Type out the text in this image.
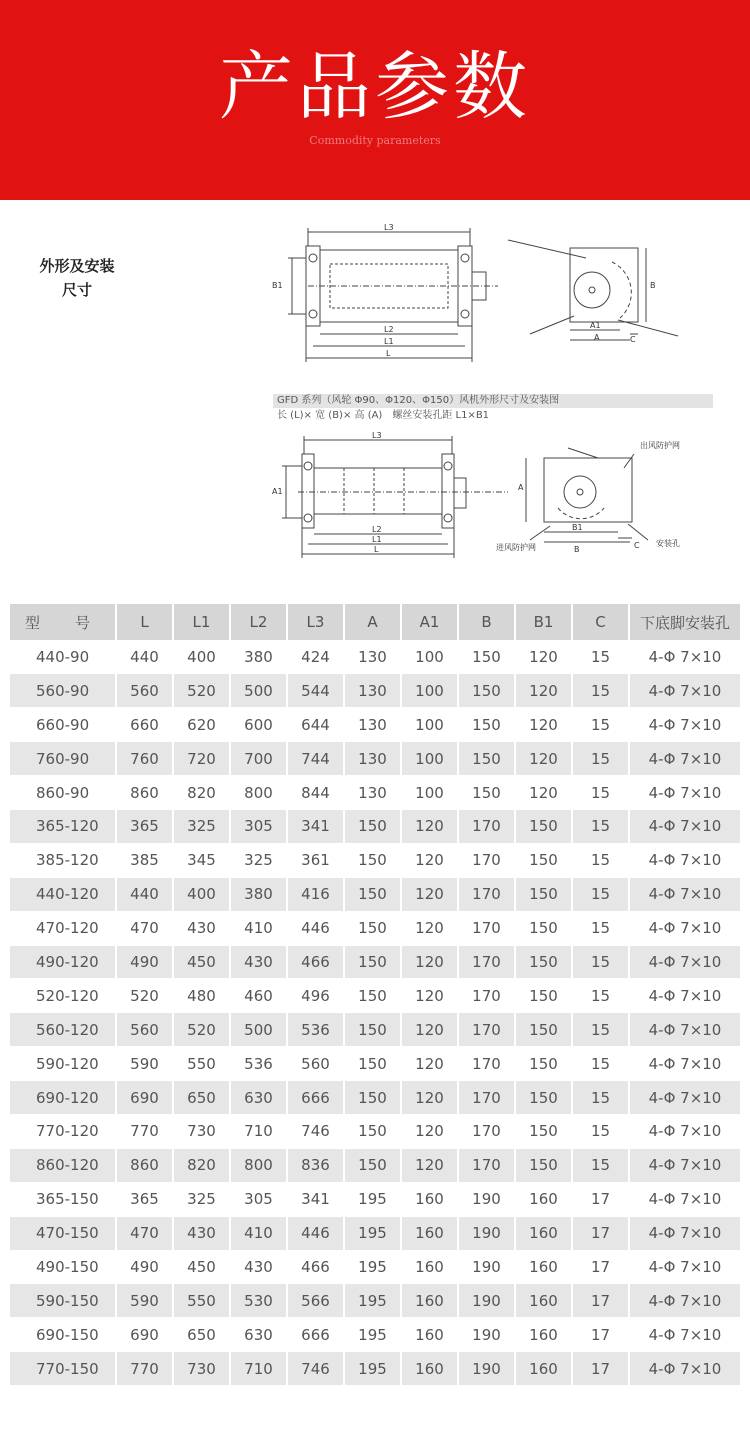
产品参数
Commodity parameters
外形及安装
尺寸
L3
B1
L2
L1
L
B
A1
A	C
GFD 系列（风轮 Φ90、Φ120、Φ150）风机外形尺寸及安装图
长 (L)× 宽 (B)× 高 (A)　螺丝安装孔距 L1×B1
L3
A1
L2
L1
L
A
B1
B	C
出风防护网
进风防护网	安装孔
型　号	L	L1	L2	L3	A	A1	B	B1	C	下底脚安装孔
440-90	440	400	380	424	130	100	150	120	15	4-Φ 7×10
560-90	560	520	500	544	130	100	150	120	15	4-Φ 7×10
660-90	660	620	600	644	130	100	150	120	15	4-Φ 7×10
760-90	760	720	700	744	130	100	150	120	15	4-Φ 7×10
860-90	860	820	800	844	130	100	150	120	15	4-Φ 7×10
365-120	365	325	305	341	150	120	170	150	15	4-Φ 7×10
385-120	385	345	325	361	150	120	170	150	15	4-Φ 7×10
440-120	440	400	380	416	150	120	170	150	15	4-Φ 7×10
470-120	470	430	410	446	150	120	170	150	15	4-Φ 7×10
490-120	490	450	430	466	150	120	170	150	15	4-Φ 7×10
520-120	520	480	460	496	150	120	170	150	15	4-Φ 7×10
560-120	560	520	500	536	150	120	170	150	15	4-Φ 7×10
590-120	590	550	536	560	150	120	170	150	15	4-Φ 7×10
690-120	690	650	630	666	150	120	170	150	15	4-Φ 7×10
770-120	770	730	710	746	150	120	170	150	15	4-Φ 7×10
860-120	860	820	800	836	150	120	170	150	15	4-Φ 7×10
365-150	365	325	305	341	195	160	190	160	17	4-Φ 7×10
470-150	470	430	410	446	195	160	190	160	17	4-Φ 7×10
490-150	490	450	430	466	195	160	190	160	17	4-Φ 7×10
590-150	590	550	530	566	195	160	190	160	17	4-Φ 7×10
690-150	690	650	630	666	195	160	190	160	17	4-Φ 7×10
770-150	770	730	710	746	195	160	190	160	17	4-Φ 7×10
